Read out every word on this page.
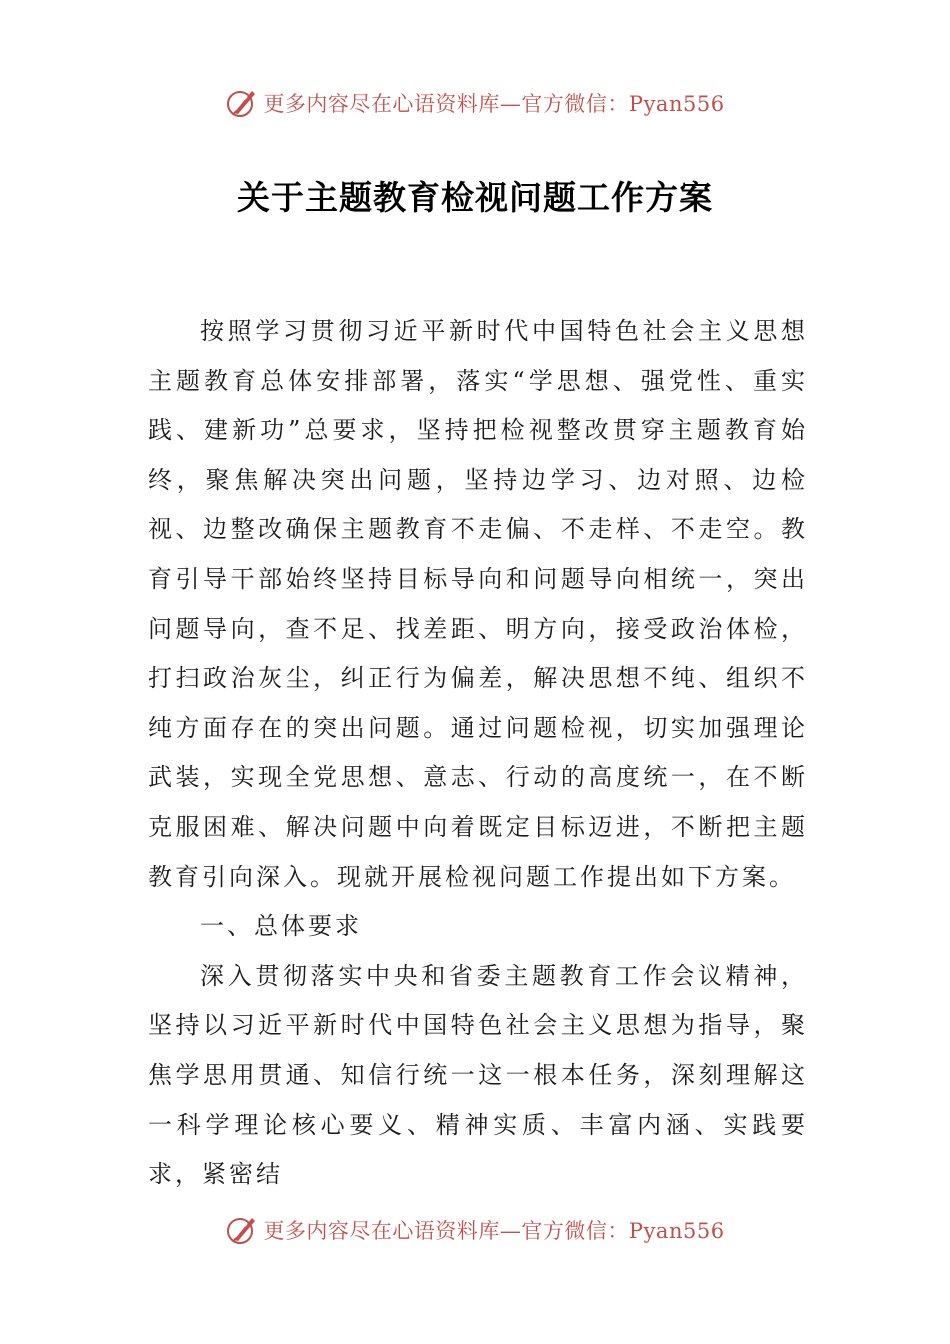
更多内容尽在心语资料库—官方微信：Pyan556
关于主题教育检视问题工作方案

按照学习贯彻习近平新时代中国特色社会主义思想主题教育总体安排部署，落实“学思想、强党性、重实践、建新功”总要求，坚持把检视整改贯穿主题教育始终，聚焦解决突出问题，坚持边学习、边对照、边检视、边整改确保主题教育不走偏、不走样、不走空。教育引导干部始终坚持目标导向和问题导向相统一，突出问题导向，查不足、找差距、明方向，接受政治体检，打扫政治灰尘，纠正行为偏差，解决思想不纯、组织不纯方面存在的突出问题。通过问题检视，切实加强理论武装，实现全党思想、意志、行动的高度统一，在不断克服困难、解决问题中向着既定目标迈进，不断把主题教育引向深入。现就开展检视问题工作提出如下方案。

一、总体要求

深入贯彻落实中央和省委主题教育工作会议精神，坚持以习近平新时代中国特色社会主义思想为指导，聚焦学思用贯通、知信行统一这一根本任务，深刻理解这一科学理论核心要义、精神实质、丰富内涵、实践要求，紧密结

更多内容尽在心语资料库—官方微信：Pyan556
